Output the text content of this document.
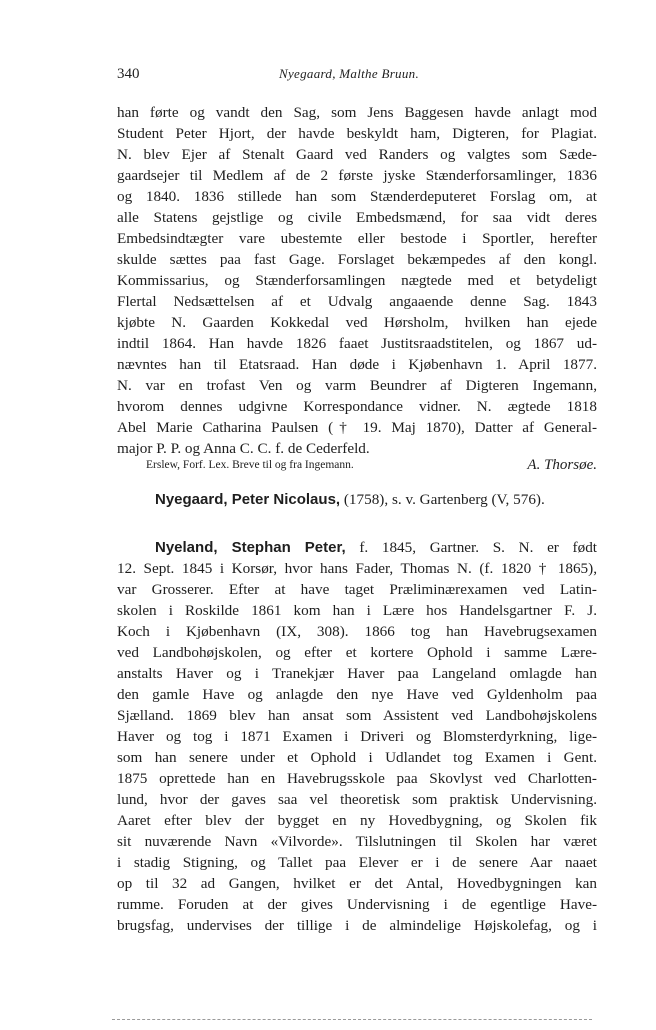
340	Nyegaard, Malthe Bruun.
han førte og vandt den Sag, som Jens Baggesen havde anlagt mod
Student Peter Hjort, der havde beskyldt ham, Digteren, for Plagiat.
N. blev Ejer af Stenalt Gaard ved Randers og valgtes som Sæde-
gaardsejer til Medlem af de 2 første jyske Stænderforsamlinger, 1836
og 1840. 1836 stillede han som Stænderdeputeret Forslag om, at
alle Statens gejstlige og civile Embedsmænd, for saa vidt deres
Embedsindtægter vare ubestemte eller bestode i Sportler, herefter
skulde sættes paa fast Gage. Forslaget bekæmpedes af den kongl.
Kommissarius, og Stænderforsamlingen nægtede med et betydeligt
Flertal Nedsættelsen af et Udvalg angaaende denne Sag. 1843
kjøbte N. Gaarden Kokkedal ved Hørsholm, hvilken han ejede
indtil 1864. Han havde 1826 faaet Justitsraadstitelen, og 1867 ud-
nævntes han til Etatsraad. Han døde i Kjøbenhavn 1. April 1877.
N. var en trofast Ven og varm Beundrer af Digteren Ingemann,
hvorom dennes udgivne Korrespondance vidner. N. ægtede 1818
Abel Marie Catharina Paulsen († 19. Maj 1870), Datter af General-
major P. P. og Anna C. C. f. de Cederfeld.
Erslew, Forf. Lex. Breve til og fra Ingemann.	A. Thorsøe.
Nyegaard, Peter Nicolaus, (1758), s. v. Gartenberg (V, 576).
Nyeland, Stephan Peter, f. 1845, Gartner. S. N. er født
12. Sept. 1845 i Korsør, hvor hans Fader, Thomas N. (f. 1820 † 1865),
var Grosserer. Efter at have taget Præliminærexamen ved Latin-
skolen i Roskilde 1861 kom han i Lære hos Handelsgartner F. J.
Koch i Kjøbenhavn (IX, 308). 1866 tog han Havebrugsexamen
ved Landbohøjskolen, og efter et kortere Ophold i samme Lære-
anstalts Haver og i Tranekjær Haver paa Langeland omlagde han
den gamle Have og anlagde den nye Have ved Gyldenholm paa
Sjælland. 1869 blev han ansat som Assistent ved Landbohøjskolens
Haver og tog i 1871 Examen i Driveri og Blomsterdyrkning, lige-
som han senere under et Ophold i Udlandet tog Examen i Gent.
1875 oprettede han en Havebrugsskole paa Skovlyst ved Charlotten-
lund, hvor der gaves saa vel theoretisk som praktisk Undervisning.
Aaret efter blev der bygget en ny Hovedbygning, og Skolen fik
sit nuværende Navn «Vilvorde». Tilslutningen til Skolen har været
i stadig Stigning, og Tallet paa Elever er i de senere Aar naaet
op til 32 ad Gangen, hvilket er det Antal, Hovedbygningen kan
rumme. Foruden at der gives Undervisning i de egentlige Have-
brugsfag, undervises der tillige i de almindelige Højskolefag, og i
